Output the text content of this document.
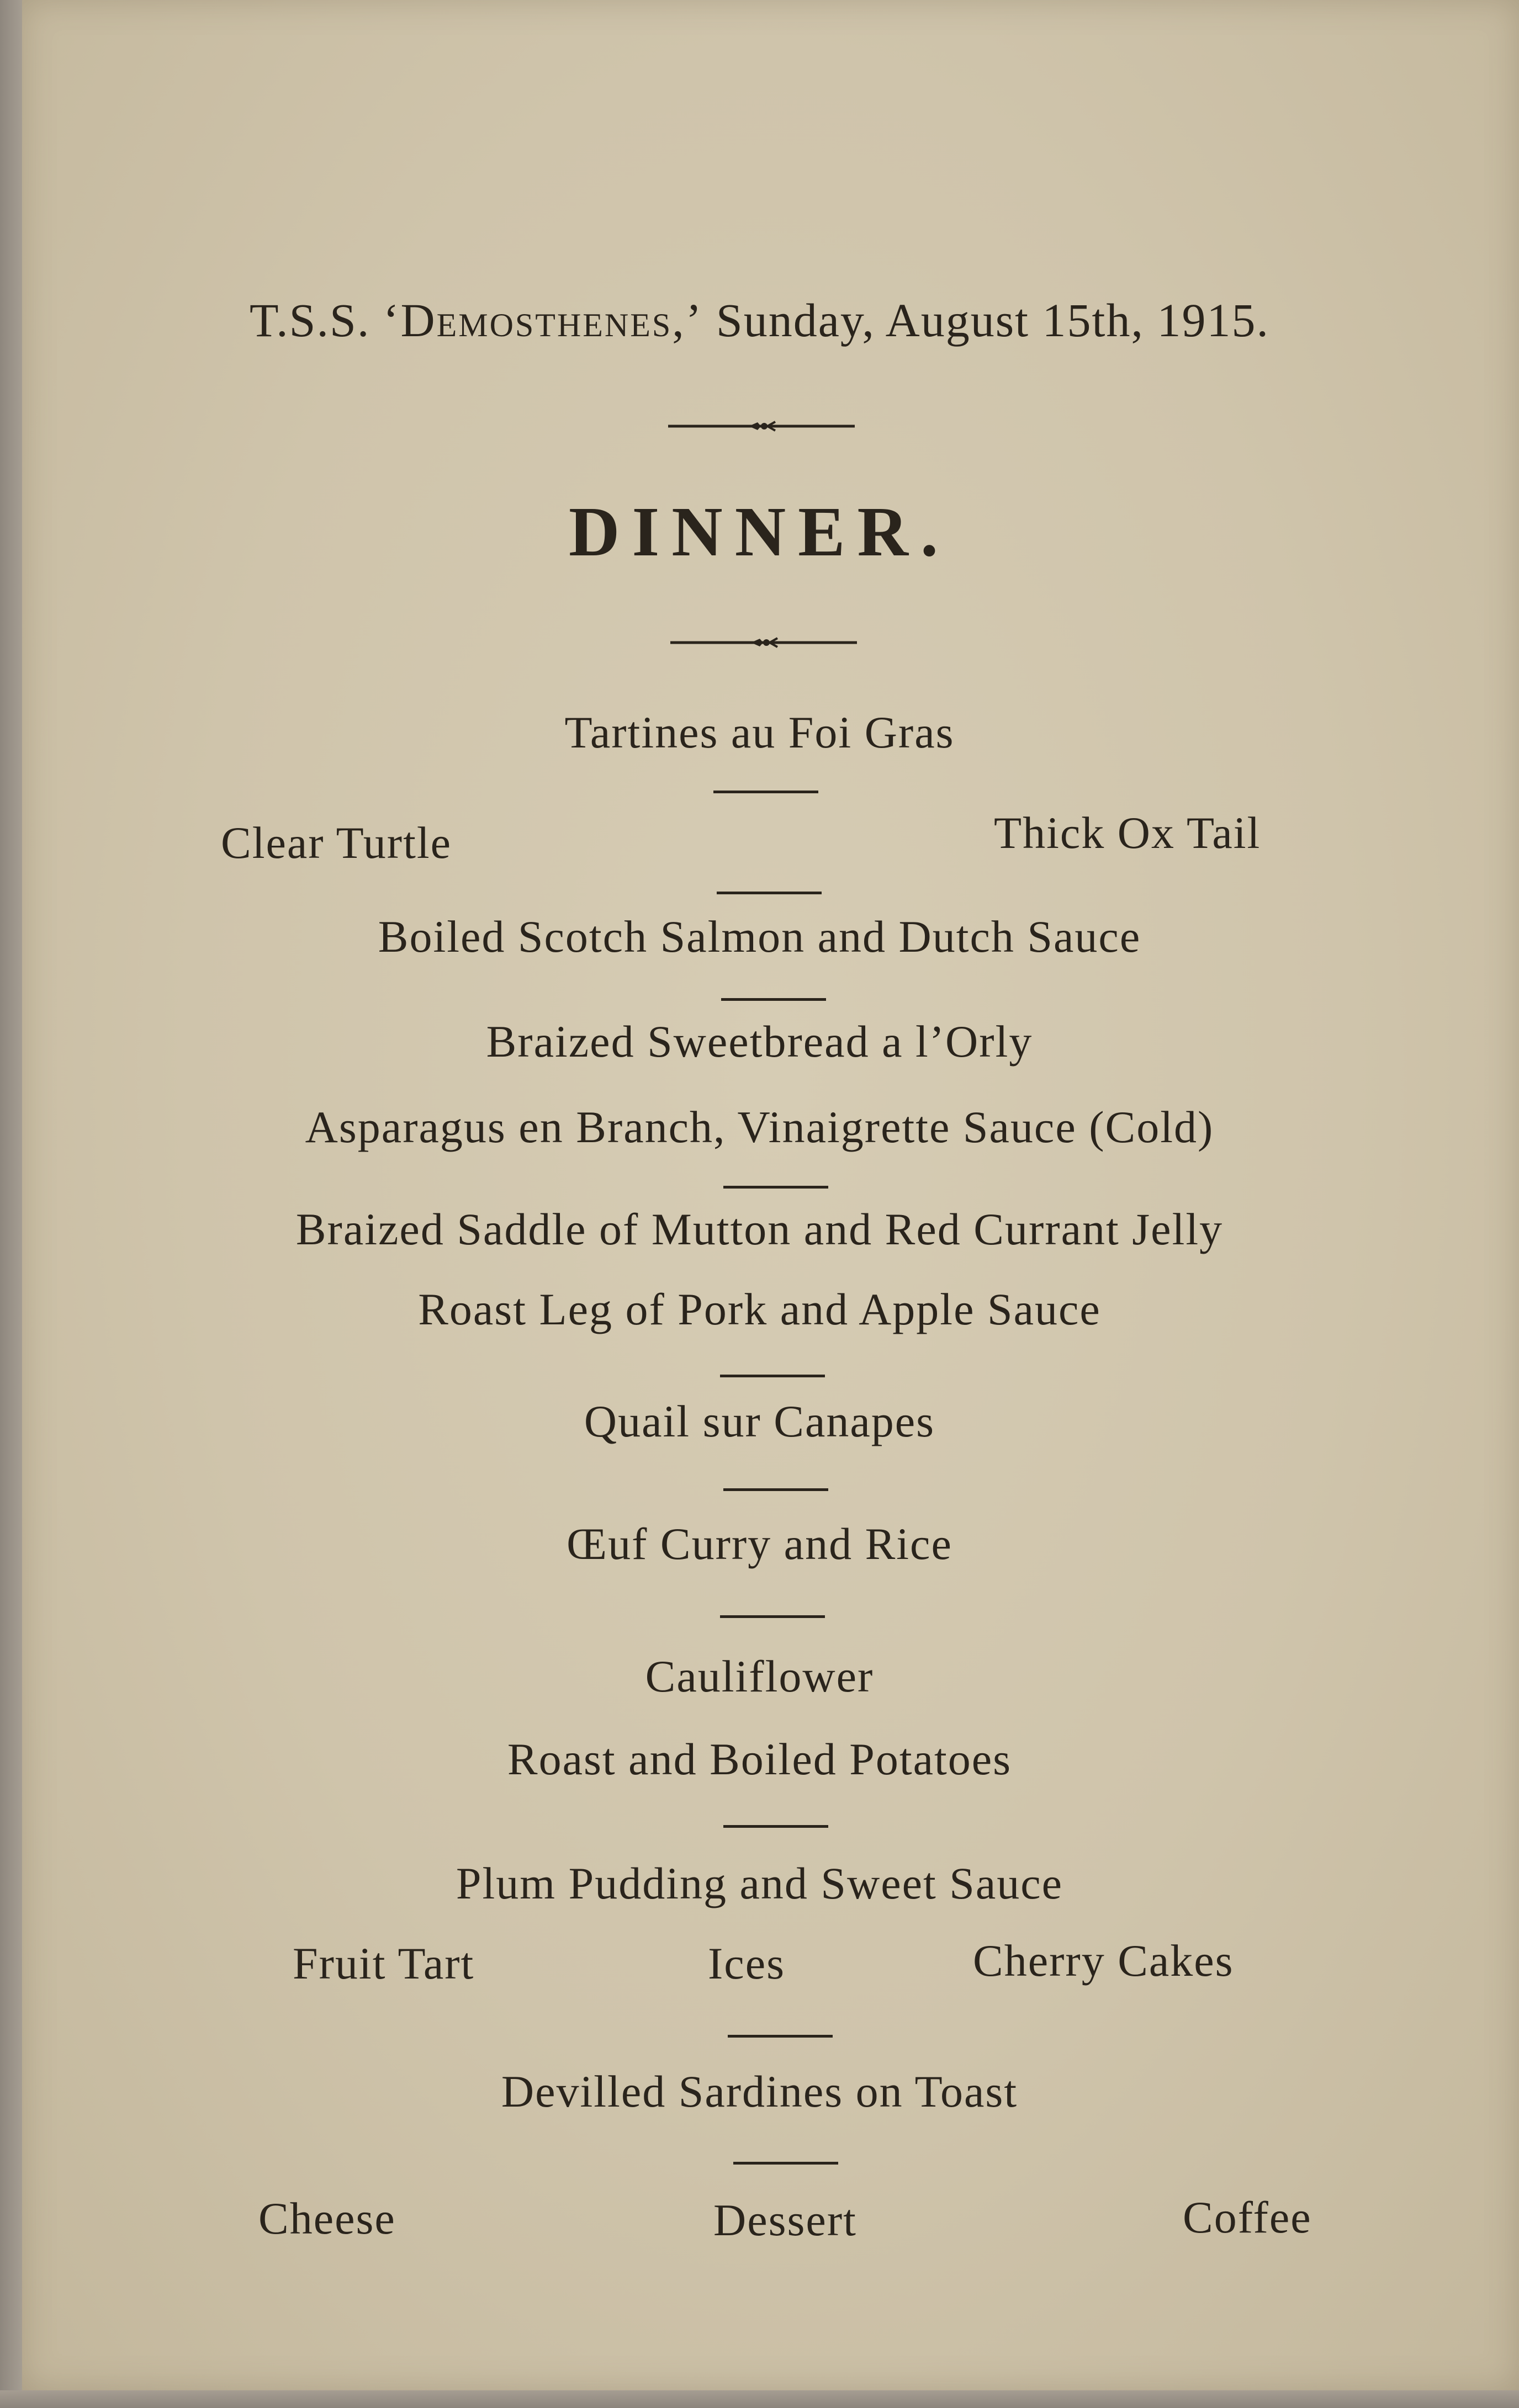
T.S.S. ‘Demosthenes,’ Sunday, August 15th, 1915.
DINNER.
Tartines au Foi Gras
Clear Turtle	Thick Ox Tail
Boiled Scotch Salmon and Dutch Sauce
Braized Sweetbread a l’Orly
Asparagus en Branch, Vinaigrette Sauce (Cold)
Braized Saddle of Mutton and Red Currant Jelly
Roast Leg of Pork and Apple Sauce
Quail sur Canapes
Œuf Curry and Rice
Cauliflower
Roast and Boiled Potatoes
Plum Pudding and Sweet Sauce
Fruit Tart	Ices	Cherry Cakes
Devilled Sardines on Toast
Cheese	Dessert	Coffee
